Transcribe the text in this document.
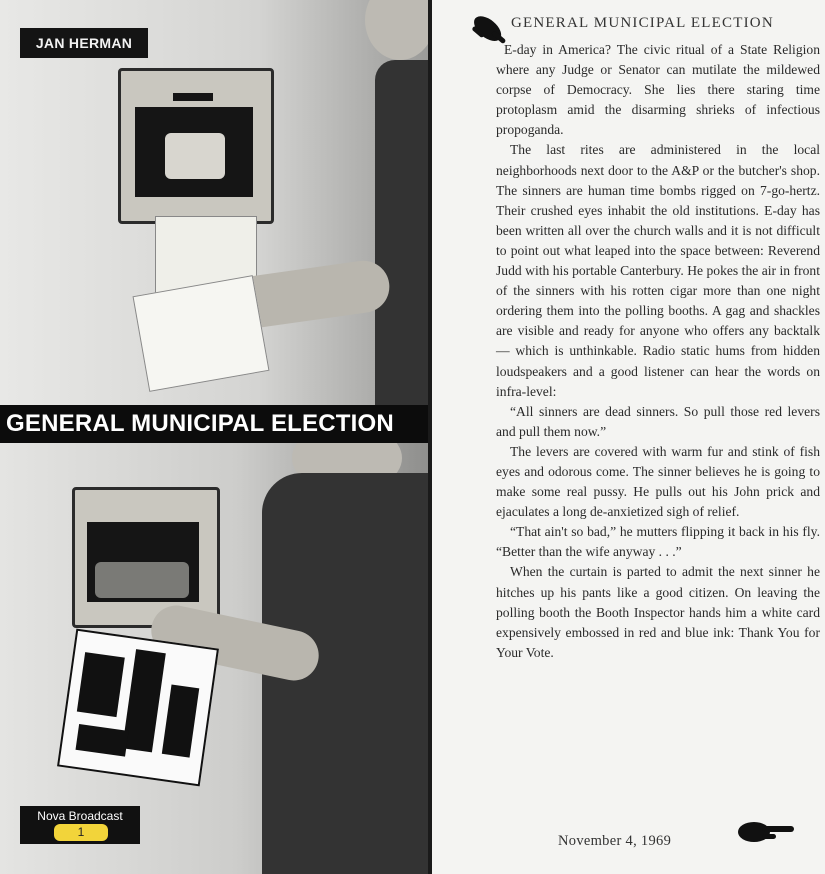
JAN HERMAN
GENERAL MUNICIPAL ELECTION
Nova Broadcast
1
GENERAL MUNICIPAL ELECTION

E-day in America? The civic ritual of a State Religion where any Judge or Senator can mutilate the mildewed corpse of Democracy. She lies there staring time protoplasm amid the disarming shrieks of infectious propoganda.

The last rites are administered in the local neighborhoods next door to the A&P or the butcher's shop. The sinners are human time bombs rigged on 7-go-hertz. Their crushed eyes inhabit the old institutions. E-day has been written all over the church walls and it is not difficult to point out what leaped into the space between: Reverend Judd with his portable Canterbury. He pokes the air in front of the sinners with his rotten cigar more than one night ordering them into the polling booths. A gag and shackles are visible and ready for anyone who offers any backtalk — which is unthinkable. Radio static hums from hidden loudspeakers and a good listener can hear the words on infra-level:

“All sinners are dead sinners. So pull those red levers and pull them now.”

The levers are covered with warm fur and stink of fish eyes and odorous come. The sinner believes he is going to make some real pussy. He pulls out his John prick and ejaculates a long de-anxietized sigh of relief.

“That ain't so bad,” he mutters flipping it back in his fly. “Better than the wife anyway . . .”

When the curtain is parted to admit the next sinner he hitches up his pants like a good citizen. On leaving the polling booth the Booth Inspector hands him a white card expensively embossed in red and blue ink: Thank You for Your Vote.

November 4, 1969
